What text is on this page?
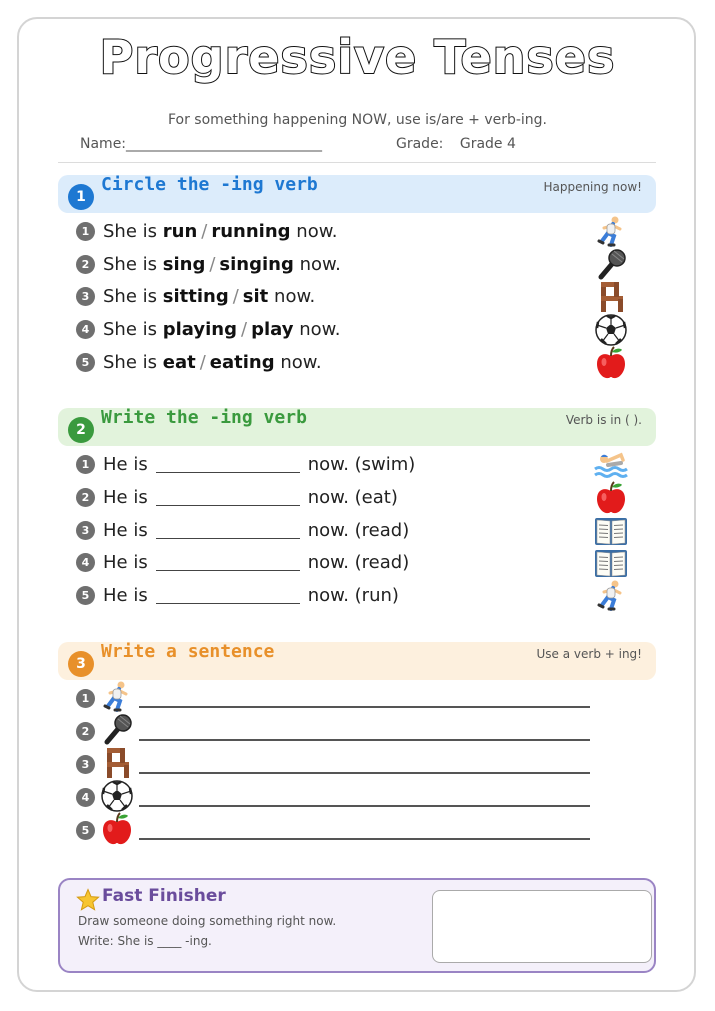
Progressive Tenses
For something happening NOW, use is/are + verb-ing.
Name:____________________________	Grade: Grade 4
1
Circle the -ing verb	Happening now!
1 She is run / running now.
2 She is sing / singing now.
3 She is sitting / sit now.
4 She is playing / play now.
5 She is eat / eating now.
2
Write the -ing verb	Verb is in ( ).
1 He is	now. (swim)
2 He is	now. (eat)
3 He is	now. (read)
4 He is	now. (read)
5 He is	now. (run)
3
Write a sentence	Use a verb + ing!
1
2
3
4
5
Fast Finisher
Draw someone doing something right now.
Write: She is ____ -ing.
